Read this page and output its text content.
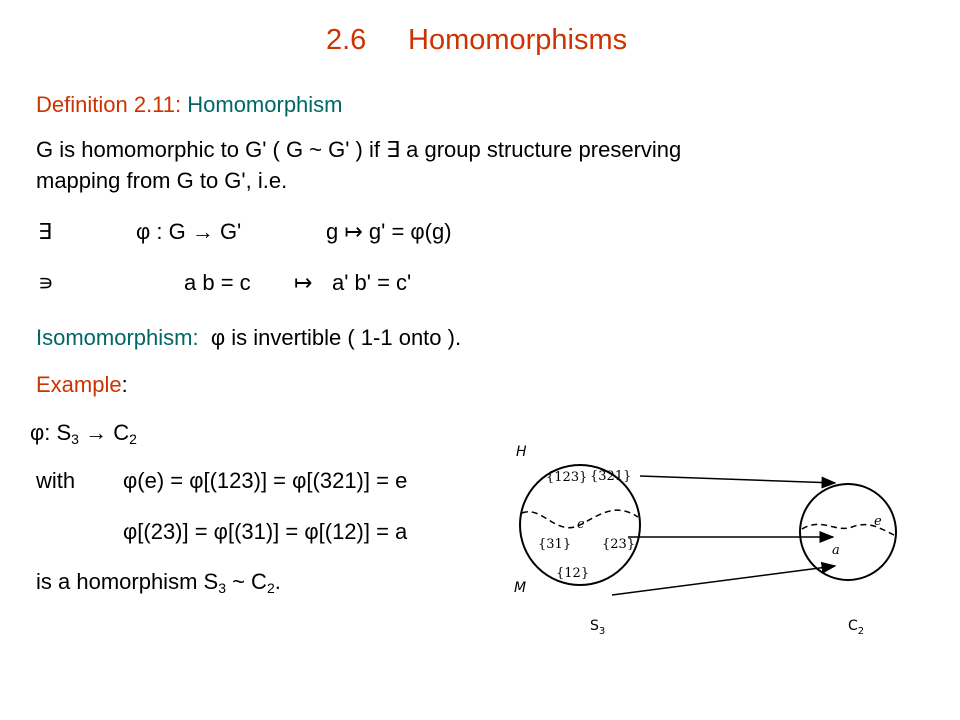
2.6 Homomorphisms
Definition 2.11: Homomorphism
G is homomorphic to G' ( G ~ G' ) if ∃ a group structure preserving
mapping from G to G', i.e.
∃	φ : G → G'	g ↦ g' = φ(g)
∍	a b = c ↦ a' b' = c'
Isomomorphism: φ is invertible ( 1-1 onto ).
Example:
φ: $S_3 \to C_2$
with φ(e) = φ[(123)] = φ[(321)] = e
φ[(23)] = φ[(31)] = φ[(12)] = a
is a homorphism $S_3$ ~ $C_2$.
H
M
{123} {321}
e
{31} {23}
{12}
e
a
$S_3$	$C_2$
